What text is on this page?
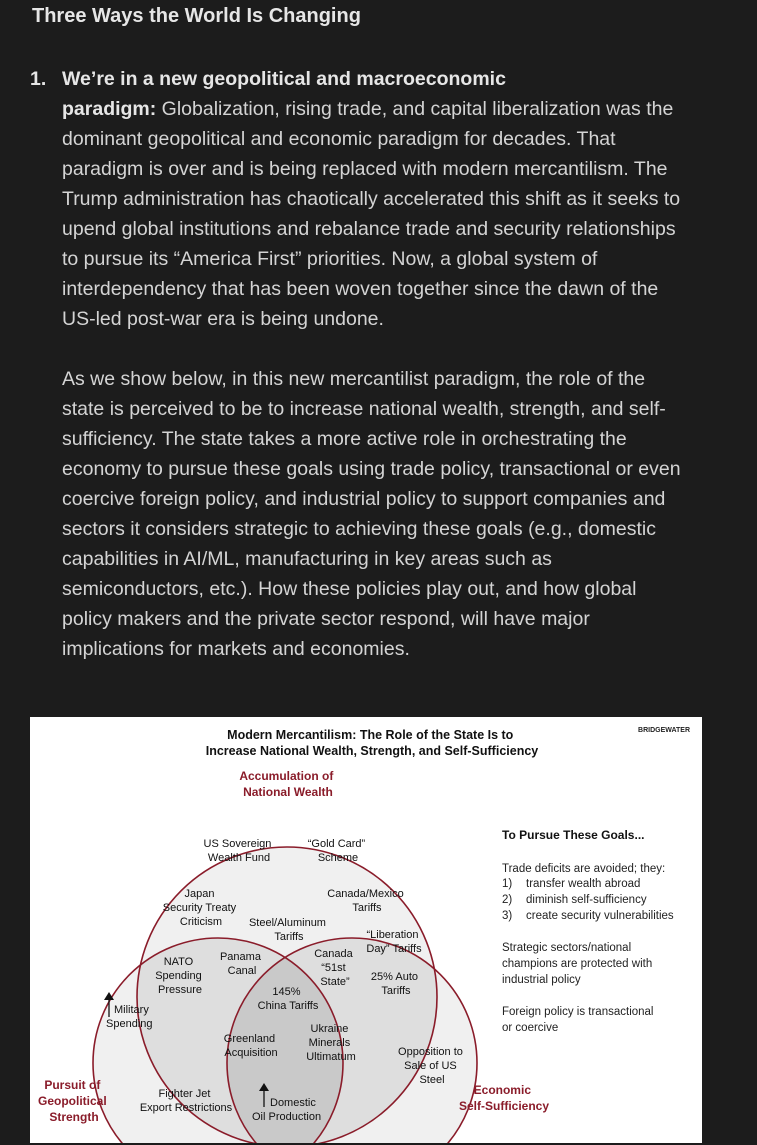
Three Ways the World Is Changing
1. We’re in a new geopolitical and macroeconomic
paradigm: Globalization, rising trade, and capital liberalization was the
dominant geopolitical and economic paradigm for decades. That
paradigm is over and is being replaced with modern mercantilism. The
Trump administration has chaotically accelerated this shift as it seeks to
upend global institutions and rebalance trade and security relationships
to pursue its “America First” priorities. Now, a global system of
interdependency that has been woven together since the dawn of the
US-led post-war era is being undone.
As we show below, in this new mercantilist paradigm, the role of the
state is perceived to be to increase national wealth, strength, and self-
sufficiency. The state takes a more active role in orchestrating the
economy to pursue these goals using trade policy, transactional or even
coercive foreign policy, and industrial policy to support companies and
sectors it considers strategic to achieving these goals (e.g., domestic
capabilities in AI/ML, manufacturing in key areas such as
semiconductors, etc.). How these policies play out, and how global
policy makers and the private sector respond, will have major
implications for markets and economies.
Modern Mercantilism: The Role of the State Is to Increase National Wealth, Strength, and Self-Sufficiency
BRIDGEWATER
Accumulation of National Wealth
Pursuit of Geopolitical Strength
Economic Self-Sufficiency
US Sovereign Wealth Fund
“Gold Card” Scheme
Japan Security Treaty Criticism
Canada/Mexico Tariffs
Steel/Aluminum Tariffs	“Liberation Day” Tariffs
NATO Spending Pressure
Panama Canal
Canada “51st State”	25% Auto Tariffs
145% China Tariffs
Ukraine Minerals Ultimatum
Greenland Acquisition	Opposition to Sale of US Steel
Fighter Jet Export Restrictions
Military Spending
Domestic Oil Production
To Pursue These Goals...
Trade deficits are avoided; they:
1) transfer wealth abroad
2) diminish self-sufficiency
3) create security vulnerabilities
Strategic sectors/national champions are protected with industrial policy
Foreign policy is transactional or coercive
